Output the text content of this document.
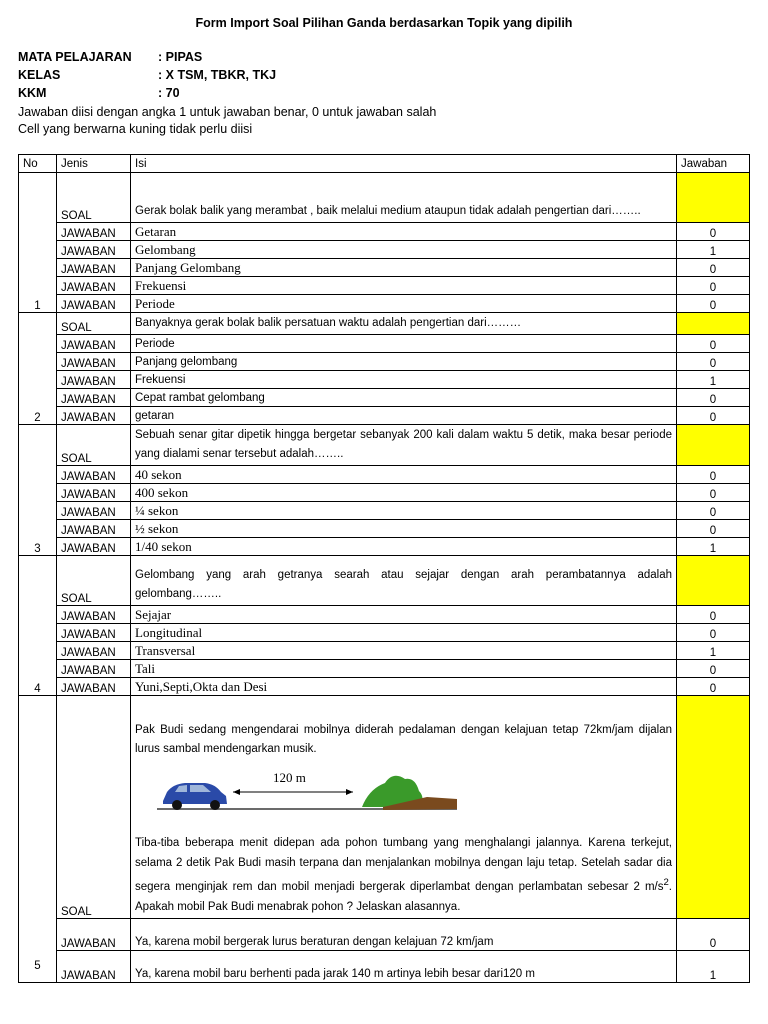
Form Import Soal Pilihan Ganda berdasarkan Topik yang dipilih
MATA PELAJARAN	: PIPAS
KELAS	: X TSM, TBKR, TKJ
KKM	: 70
Jawaban diisi dengan angka 1 untuk jawaban benar, 0 untuk jawaban salah
Cell yang berwarna kuning tidak perlu diisi
No	Jenis	Isi	Jawaban
1	SOAL	Gerak bolak balik yang merambat , baik melalui medium ataupun tidak adalah pengertian dari……..	
	JAWABAN	Getaran	0
	JAWABAN	Gelombang	1
	JAWABAN	Panjang Gelombang	0
	JAWABAN	Frekuensi	0
	JAWABAN	Periode	0
2	SOAL	Banyaknya gerak bolak balik persatuan waktu adalah pengertian dari………	
	JAWABAN	Periode	0
	JAWABAN	Panjang gelombang	0
	JAWABAN	Frekuensi	1
	JAWABAN	Cepat rambat gelombang	0
	JAWABAN	getaran	0
3	SOAL	Sebuah senar gitar dipetik hingga bergetar sebanyak 200 kali dalam waktu 5 detik, maka besar periode yang dialami senar tersebut adalah……..	
	JAWABAN	40 sekon	0
	JAWABAN	400 sekon	0
	JAWABAN	¼ sekon	0
	JAWABAN	½ sekon	0
	JAWABAN	1/40 sekon	1
4	SOAL	Gelombang yang arah getranya searah atau sejajar dengan arah perambatannya adalah gelombang……..	
	JAWABAN	Sejajar	0
	JAWABAN	Longitudinal	0
	JAWABAN	Transversal	1
	JAWABAN	Tali	0
	JAWABAN	Yuni,Septi,Okta dan Desi	0
5	SOAL	Pak Budi sedang mengendarai mobilnya diderah pedalaman dengan kelajuan tetap 72km/jam dijalan lurus sambal mendengarkan musik.
120 m
Tiba-tiba beberapa menit didepan ada pohon tumbang yang menghalangi jalannya. Karena terkejut, selama 2 detik Pak Budi masih terpana dan menjalankan mobilnya dengan laju tetap. Setelah sadar dia segera menginjak rem dan mobil menjadi bergerak diperlambat dengan perlambatan sebesar 2 $m/s^2$. Apakah mobil Pak Budi menabrak pohon ? Jelaskan alasannya.	

	JAWABAN	Ya, karena mobil bergerak lurus beraturan dengan kelajuan 72 km/jam	0
	JAWABAN	Ya, karena mobil baru berhenti pada jarak 140 m artinya lebih besar dari120 m	1
